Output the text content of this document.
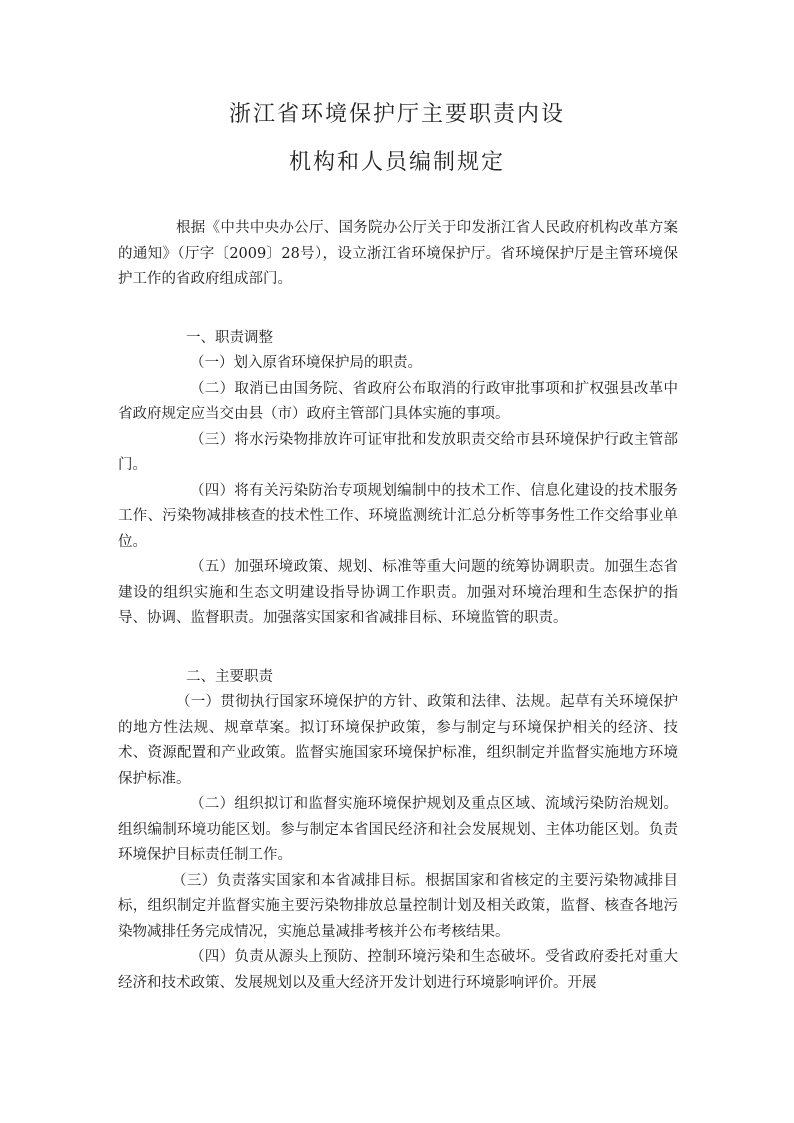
浙江省环境保护厅主要职责内设
机构和人员编制规定

根据《中共中央办公厅、国务院办公厅关于印发浙江省人民政府机构改革方案的通知》（厅字〔2009〕28号），设立浙江省环境保护厅。省环境保护厅是主管环境保护工作的省政府组成部门。

一、职责调整

（一）划入原省环境保护局的职责。

（二）取消已由国务院、省政府公布取消的行政审批事项和扩权强县改革中省政府规定应当交由县（市）政府主管部门具体实施的事项。

（三）将水污染物排放许可证审批和发放职责交给市县环境保护行政主管部门。

（四）将有关污染防治专项规划编制中的技术工作、信息化建设的技术服务工作、污染物减排核查的技术性工作、环境监测统计汇总分析等事务性工作交给事业单位。

（五）加强环境政策、规划、标准等重大问题的统筹协调职责。加强生态省建设的组织实施和生态文明建设指导协调工作职责。加强对环境治理和生态保护的指导、协调、监督职责。加强落实国家和省减排目标、环境监管的职责。

二、主要职责

（一）贯彻执行国家环境保护的方针、政策和法律、法规。起草有关环境保护的地方性法规、规章草案。拟订环境保护政策，参与制定与环境保护相关的经济、技术、资源配置和产业政策。监督实施国家环境保护标准，组织制定并监督实施地方环境保护标准。

（二）组织拟订和监督实施环境保护规划及重点区域、流域污染防治规划。组织编制环境功能区划。参与制定本省国民经济和社会发展规划、主体功能区划。负责环境保护目标责任制工作。

（三）负责落实国家和本省减排目标。根据国家和省核定的主要污染物减排目标，组织制定并监督实施主要污染物排放总量控制计划及相关政策，监督、核查各地污染物减排任务完成情况，实施总量减排考核并公布考核结果。

（四）负责从源头上预防、控制环境污染和生态破坏。受省政府委托对重大经济和技术政策、发展规划以及重大经济开发计划进行环境影响评价。开展
